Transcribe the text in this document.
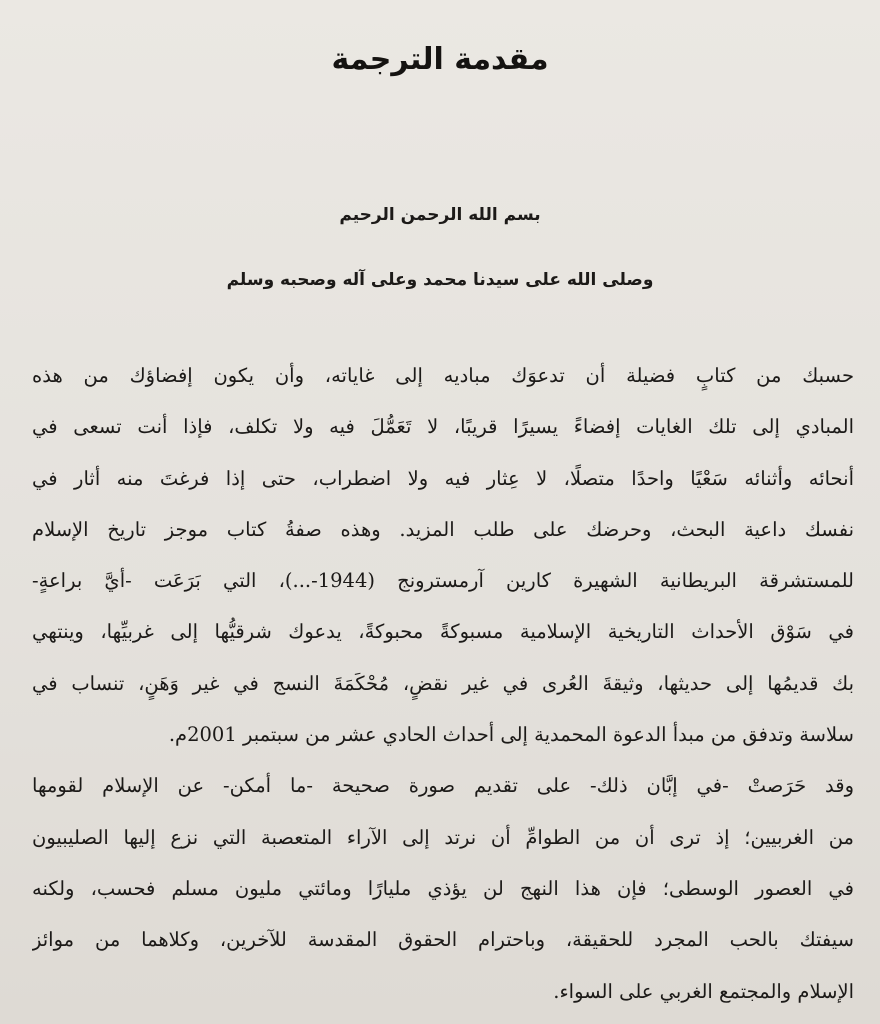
مقدمة الترجمة
بسم الله الرحمن الرحيم
وصلى الله على سيدنا محمد وعلى آله وصحبه وسلم
حسبك من كتابٍ فضيلة أن تدعوَك مباديه إلى غاياته، وأن يكون إفضاؤك من هذه
المبادي إلى تلك الغايات إفضاءً يسيرًا قريبًا، لا تَعَمُّلَ فيه ولا تكلف، فإذا أنت تسعى في
أنحائه وأثنائه سَعْيًا واحدًا متصلًا، لا عِثار فيه ولا اضطراب، حتى إذا فرغتَ منه أثار في
نفسك داعية البحث، وحرضك على طلب المزيد. وهذه صفةُ كتاب موجز تاريخ الإسلام
للمستشرقة البريطانية الشهيرة كارين آرمسترونج (1944-...)، التي بَرَعَت -أيَّ براعةٍ-
في سَوْق الأحداث التاريخية الإسلامية مسبوكةً محبوكةً، يدعوك شرقيُّها إلى غربيِّها، وينتهي
بك قديمُها إلى حديثها، وثيقةَ العُرى في غير نقضٍ، مُحْكَمَةَ النسج في غير وَهَنٍ، تنساب في
سلاسة وتدفق من مبدأ الدعوة المحمدية إلى أحداث الحادي عشر من سبتمبر 2001م.
وقد حَرَصتْ -في إبَّان ذلك- على تقديم صورة صحيحة -ما أمكن- عن الإسلام لقومها
من الغربيين؛ إذ ترى أن من الطوامِّ أن نرتد إلى الآراء المتعصبة التي نزع إليها الصليبيون
في العصور الوسطى؛ فإن هذا النهج لن يؤذي مليارًا ومائتي مليون مسلم فحسب، ولكنه
سيفتك بالحب المجرد للحقيقة، وباحترام الحقوق المقدسة للآخرين، وكلاهما من موائز
الإسلام والمجتمع الغربي على السواء.
